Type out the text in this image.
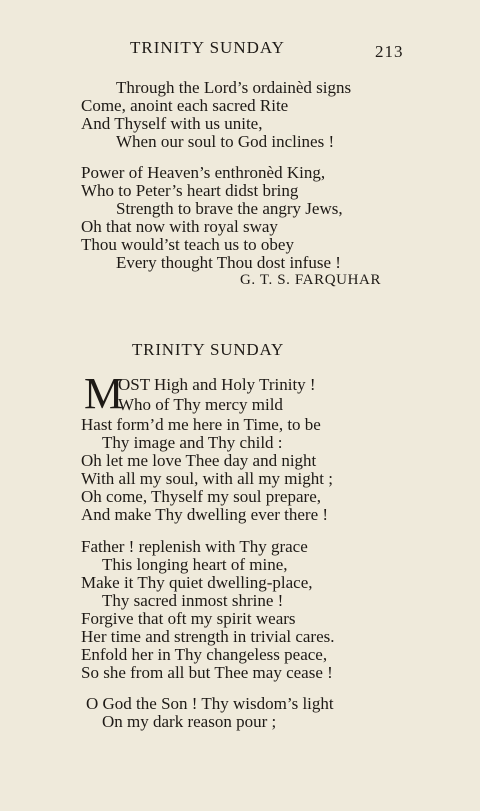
TRINITY SUNDAY	213
Through the Lord’s ordainèd signs
Come, anoint each sacred Rite
And Thyself with us unite,
When our soul to God inclines !
Power of Heaven’s enthronèd King,
Who to Peter’s heart didst bring
Strength to brave the angry Jews,
Oh that now with royal sway
Thou would’st teach us to obey
Every thought Thou dost infuse !
G. T. S. FARQUHAR
TRINITY SUNDAY
M
OST High and Holy Trinity !
Who of Thy mercy mild
Hast form’d me here in Time, to be
Thy image and Thy child :
Oh let me love Thee day and night
With all my soul, with all my might ;
Oh come, Thyself my soul prepare,
And make Thy dwelling ever there !
Father ! replenish with Thy grace
This longing heart of mine,
Make it Thy quiet dwelling-place,
Thy sacred inmost shrine !
Forgive that oft my spirit wears
Her time and strength in trivial cares.
Enfold her in Thy changeless peace,
So she from all but Thee may cease !
O God the Son ! Thy wisdom’s light
On my dark reason pour ;
